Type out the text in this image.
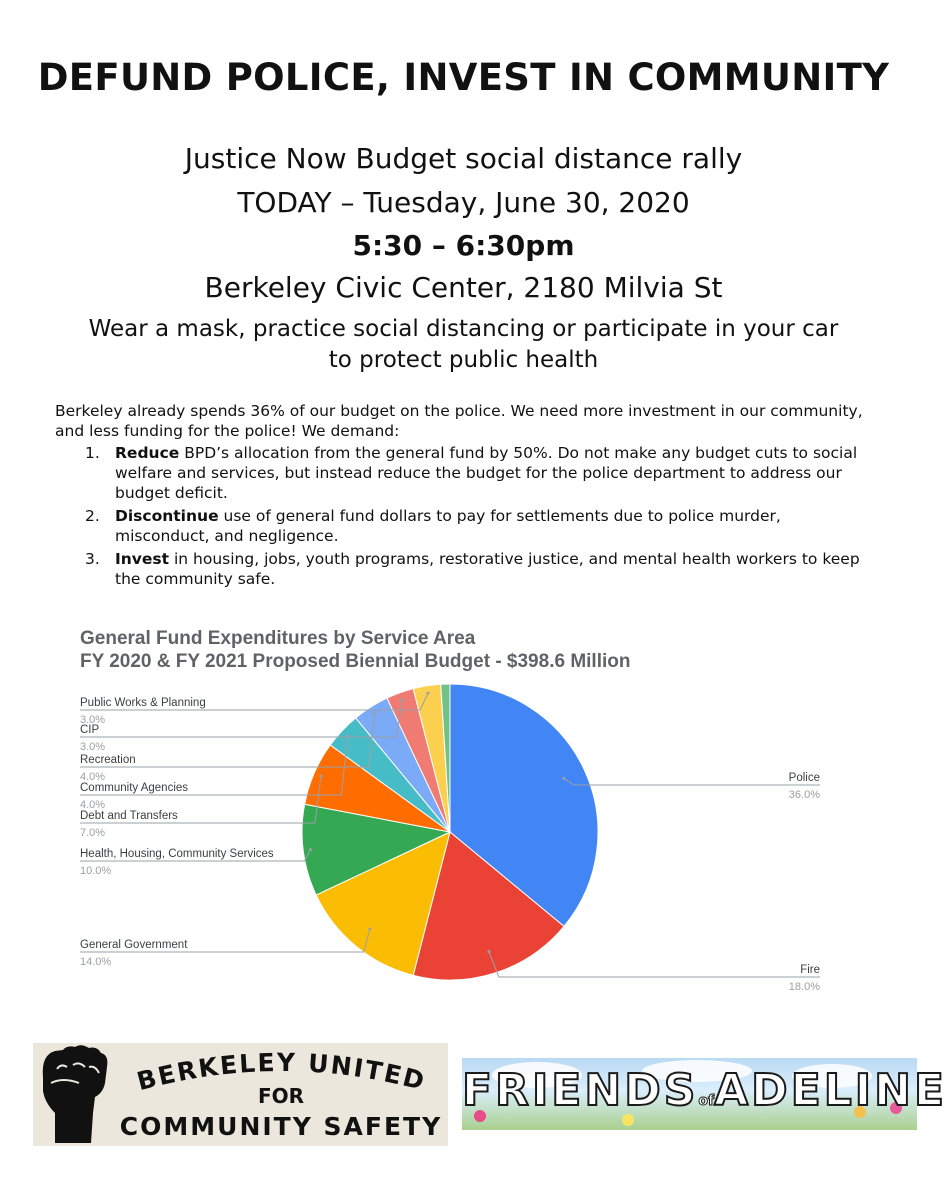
DEFUND POLICE, INVEST IN COMMUNITY
Justice Now Budget social distance rally
TODAY – Tuesday, June 30, 2020
5:30 – 6:30pm
Berkeley Civic Center, 2180 Milvia St
Wear a mask, practice social distancing or participate in your car
to protect public health
Berkeley already spends 36% of our budget on the police. We need more investment in our community, and less funding for the police! We demand:
1. Reduce BPD’s allocation from the general fund by 50%. Do not make any budget cuts to social welfare and services, but instead reduce the budget for the police department to address our budget deficit.
2. Discontinue use of general fund dollars to pay for settlements due to police murder, misconduct, and negligence.
3. Invest in housing, jobs, youth programs, restorative justice, and mental health workers to keep the community safe.
General Fund Expenditures by Service Area
FY 2020 & FY 2021 Proposed Biennial Budget - $398.6 Million
Police
36.0%
Fire
18.0%
General Government
14.0%
Health, Housing, Community Services
10.0%
Debt and Transfers
7.0%
Community Agencies
4.0%
Recreation
4.0%
CIP
3.0%
Public Works & Planning
3.0%
BERKELEY UNITED
FOR
COMMUNITY SAFETY
FRIENDSofADELINE
